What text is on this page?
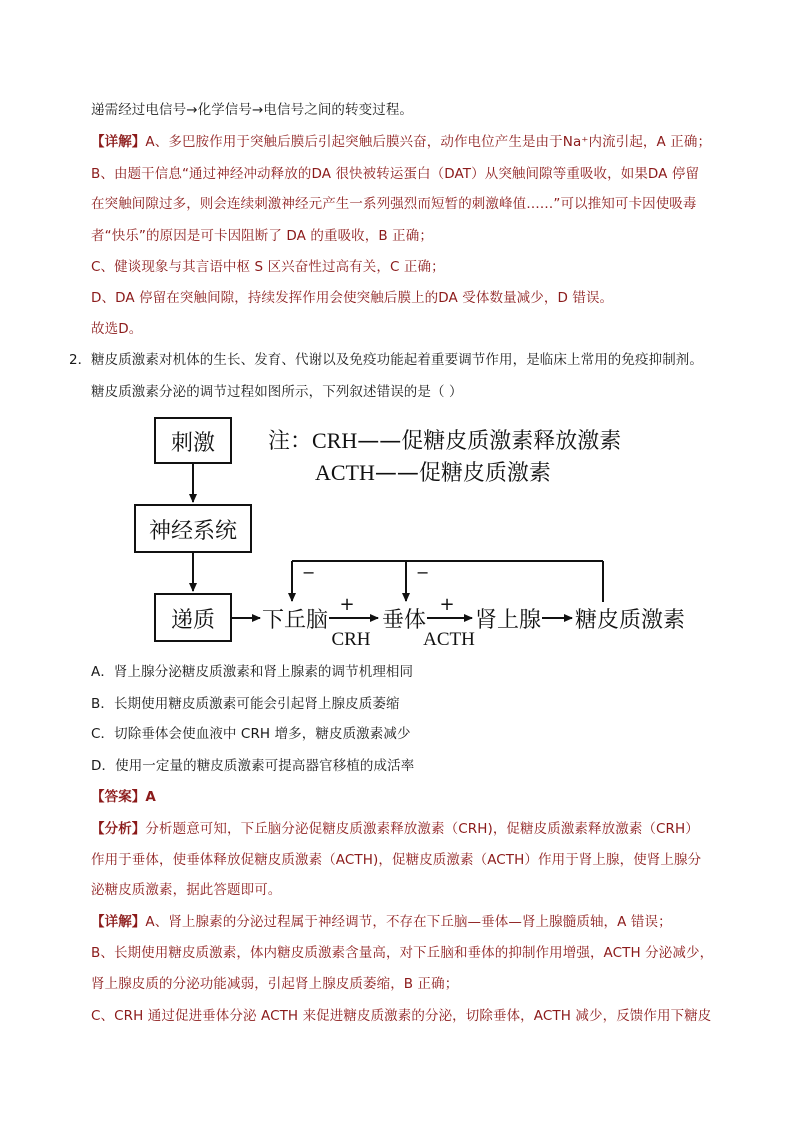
递需经过电信号→化学信号→电信号之间的转变过程。
【详解】A、多巴胺作用于突触后膜后引起突触后膜兴奋，动作电位产生是由于Na⁺内流引起，A 正确；
B、由题干信息“通过神经冲动释放的DA 很快被转运蛋白（DAT）从突触间隙等重吸收，如果DA 停留
在突触间隙过多，则会连续刺激神经元产生一系列强烈而短暂的刺激峰值……”可以推知可卡因使吸毒
者“快乐”的原因是可卡因阻断了 DA 的重吸收，B 正确；
C、健谈现象与其言语中枢 S 区兴奋性过高有关，C 正确；
D、DA 停留在突触间隙，持续发挥作用会使突触后膜上的DA 受体数量减少，D 错误。
故选D。
2． 糖皮质激素对机体的生长、发育、代谢以及免疫功能起着重要调节作用，是临床上常用的免疫抑制剂。
糖皮质激素分泌的调节过程如图所示，下列叙述错误的是（ ）
刺激
神经系统
递质
注：CRH——促糖皮质激素释放激素
ACTH——促糖皮质激素
下丘脑
+
CRH
垂体
+
ACTH
肾上腺 糖皮质激素
−	−
A．肾上腺分泌糖皮质激素和肾上腺素的调节机理相同
B．长期使用糖皮质激素可能会引起肾上腺皮质萎缩
C．切除垂体会使血液中 CRH 增多，糖皮质激素减少
D．使用一定量的糖皮质激素可提高器官移植的成活率
【答案】A
【分析】分析题意可知，下丘脑分泌促糖皮质激素释放激素（CRH)，促糖皮质激素释放激素（CRH）
作用于垂体，使垂体释放促糖皮质激素（ACTH)，促糖皮质激素（ACTH）作用于肾上腺，使肾上腺分
泌糖皮质激素，据此答题即可。
【详解】A、肾上腺素的分泌过程属于神经调节，不存在下丘脑—垂体—肾上腺髓质轴，A 错误；
B、长期使用糖皮质激素，体内糖皮质激素含量高，对下丘脑和垂体的抑制作用增强，ACTH 分泌减少，
肾上腺皮质的分泌功能减弱，引起肾上腺皮质萎缩，B 正确；
C、CRH 通过促进垂体分泌 ACTH 来促进糖皮质激素的分泌，切除垂体，ACTH 减少，反馈作用下糖皮
